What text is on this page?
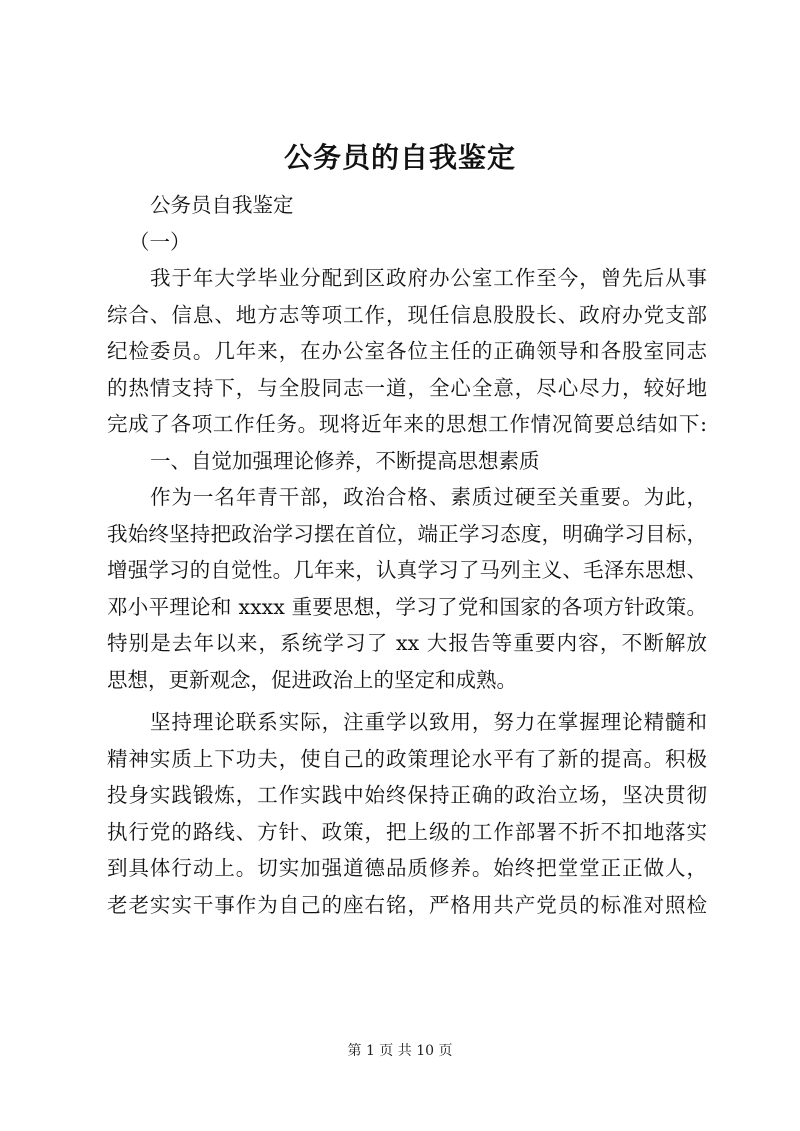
公务员的自我鉴定
公务员自我鉴定
（一）
我于年大学毕业分配到区政府办公室工作至今，曾先后从事
综合、信息、地方志等项工作，现任信息股股长、政府办党支部
纪检委员。几年来，在办公室各位主任的正确领导和各股室同志
的热情支持下，与全股同志一道，全心全意，尽心尽力，较好地
完成了各项工作任务。现将近年来的思想工作情况简要总结如下:
一、自觉加强理论修养，不断提高思想素质
作为一名年青干部，政治合格、素质过硬至关重要。为此，
我始终坚持把政治学习摆在首位，端正学习态度，明确学习目标，
增强学习的自觉性。几年来，认真学习了马列主义、毛泽东思想、
邓小平理论和 xxxx 重要思想，学习了党和国家的各项方针政策。
特别是去年以来，系统学习了 xx 大报告等重要内容，不断解放
思想，更新观念，促进政治上的坚定和成熟。
坚持理论联系实际，注重学以致用，努力在掌握理论精髓和
精神实质上下功夫，使自己的政策理论水平有了新的提高。积极
投身实践锻炼，工作实践中始终保持正确的政治立场，坚决贯彻
执行党的路线、方针、政策，把上级的工作部署不折不扣地落实
到具体行动上。切实加强道德品质修养。始终把堂堂正正做人，
老老实实干事作为自己的座右铭，严格用共产党员的标准对照检
第 1 页 共 10 页
